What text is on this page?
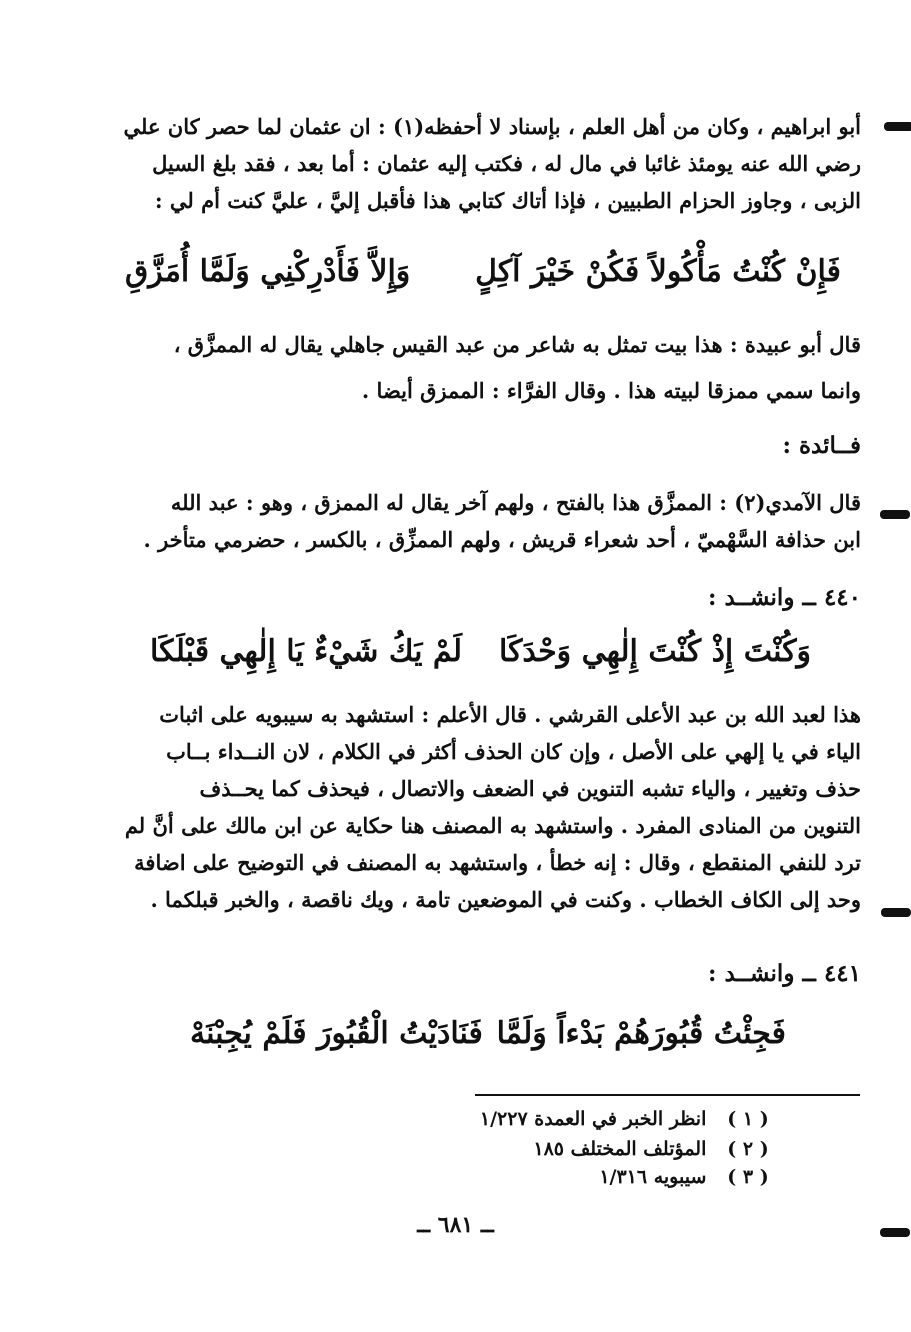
أبو ابراهيم ، وكان من أهل العلم ، بإسناد لا أحفظه(١) : ان عثمان لما حصر كان علي

رضي الله عنه يومئذ غائبا في مال له ، فكتب إليه عثمان : أما بعد ، فقد بلغ السيل

الزبى ، وجاوز الحزام الطبيين ، فإذا أتاك كتابي هذا فأقبل إليَّ ، عليَّ كنت أم لي :

فَإِنْ كُنْتُ مَأْكُولاً فَكُنْ خَيْرَ آكِلٍ
وَإِلاَّ فَأَدْرِكْنِي وَلَمَّا أُمَزَّقِ

قال أبو عبيدة : هذا بيت تمثل به شاعر من عبد القيس جاهلي يقال له الممزَّق ،

وانما سمي ممزقا لبيته هذا . وقال الفرَّاء : الممزق أيضا .

فــائدة :

قال الآمدي(٢) : الممزَّق هذا بالفتح ، ولهم آخر يقال له الممزق ، وهو : عبد الله

ابن حذافة السَّهْميّ ، أحد شعراء قريش ، ولهم الممزِّق ، بالكسر ، حضرمي متأخر .

٤٤٠ ــ وانشــد :
وَكُنْتَ إِذْ كُنْتَ إِلٰهِي وَحْدَكَا
لَمْ يَكُ شَيْءٌ يَا إِلٰهِي قَبْلَكَا

هذا لعبد الله بن عبد الأعلى القرشي . قال الأعلم : استشهد به سيبويه على اثبات

الياء في يا إلهي على الأصل ، وإن كان الحذف أكثر في الكلام ، لان النــداء بــاب

حذف وتغيير ، والياء تشبه التنوين في الضعف والاتصال ، فيحذف كما يحــذف

التنوين من المنادى المفرد . واستشهد به المصنف هنا حكاية عن ابن مالك على أنَّ لم

ترد للنفي المنقطع ، وقال : إنه خطأ ، واستشهد به المصنف في التوضيح على اضافة

وحد إلى الكاف الخطاب . وكنت في الموضعين تامة ، ويك ناقصة ، والخبر قبلكما .

٤٤١ ــ وانشــد :
فَجِئْتُ قُبُورَهُمْ بَدْءاً وَلَمَّا
فَنَادَيْتُ الْقُبُورَ فَلَمْ يُجِبْنَهْ
( ١ ) انظر الخبر في العمدة ١/٢٢٧
( ٢ ) المؤتلف المختلف ١٨٥
( ٣ ) سيبويه ١/٣١٦
ــ ٦٨١ ــ
